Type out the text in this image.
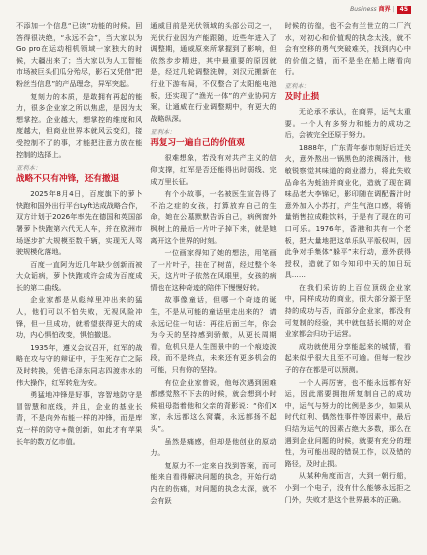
Business 商界 | 45

不添加一个信息“已读”功能的时候。回答得很决绝，“永远不会”，当大家以为Go pro在运动相机领域一家独大的时候，大疆出来了；当大家以为人工智能市场被巨头们瓜分殆尽，影石又凭借“把粉丝当信息”的产品理念，异军突起。

复刻力的本质，是敢拥有再起的能力，很多企业家之所以焦虑，是因为太想掌控。企业越大，想掌控的维度和风度越大，但商业世界本就风云变幻，接受控制不了的事，才能把注意力放在能控制的选择上。

亚利本：
战略不只有冲锋，还有撤退

2025年8月4日，百度旗下的萝卜快跑和国外出行平台Lyft达成战略合作，双方计划于2026年率先在德国和英国部署萝卜快跑第六代无人车，并在欧洲市场逐步扩大规模至数千辆，实现无人驾驶规模化落地。

百度一直阿为近几年缺少创新而被大众诟病，萝卜快跑或许会成为百度成长的第二曲线。

企业家都是从彪绰里冲出来的猛人，他们可以不怕失败，无视风险冲锋，但一旦成功，就希望获得更大的成功，内心惧怕改变，惧怕撤退。

1935年，遵义会议召开，红军的战略在攻与守的辩证中，于生死存亡之际及时转换，凭借毛泽东同志四渡赤水的伟大操作，红军转危为安。

勇猛地冲锋是好事，容智地防守是冒智慧和底线，并且，企业的基业长青，不是向外布能一样的冲锋，而是库克一样的防守+微创新，如此才有苹果长年的数万亿市值。

通威目前是光伏领域的头部公司之一，光伏行业因为产能跟随，近些年进入了调整期，通威原来所掌握到了影响，但依然步步精进，其中最重要的原因就是，经过几轮调整洗牌，刘汉元搬新在行业下游布局，不仅整合了太阳能电池板，还实现了“渔光一体”的产业协同方案，让通威在行业调整期中，有更大的战略纵深。

亚利本：
再复习一遍自己的价值观

很难想象，若没有对共产主义的信仰支撑，红军是否还能得出时弱线、完成万里长征。

有个小故事，一名被医生宣告得了不治之症的女孩，打算放弃自己的生命，她在公墓默默告诉自己，病例窗外枫树上的最后一片叶子掉下来，就是她离开这个世界的时刻。

一位画家得知了她的想法，用笔画了一片叶子，挂在了树苗，经过整个冬天，这片叶子依然在风眼里，女孩的病情也在这种奇迹的陪伴下慢慢好转。

故事像童话，但哪一个奇迹的诞生，不是从可能的童话里走出来的？ 请永远记住一句话：再往后面三年，你会为今天的坚持感到骄傲，从更长周期看，危机只是人生图景中的一个痕迹波段，而不是终点，未来还有更多机会的可能，只有你的坚持。

有位企业家曾说，他每次遇到困难都感觉熬不下去的时候，就会想到小时候祖母指着他和父亲的背影说：“你们X家，永远都这么窝囊，永远都扬不起头”。

虽然是痛感，但却是他创业的原动力。

复原力不一定来自找到答案，而可能来自看得解决问题的执念，开始行动内在的伤痛，对问题的执念太深，就不会有跃

时候的彷徨，也不会有兰世立的二厂汽水，对初心和价值观的执念太浅，就不会有空移的勇气突破难关，找到内心中的价值之锚，而不是坐在船上瞎看向行。

亚利本：
及时止损

无论承不承认，在商界，运气太重要。一个人有多努力和能力的成功之后，会被完全还原于努力。

1888年，广东青年泰市刻好后迁关火，意外熬出一锅黑色的浓稠汤汁，他敏锐察觉其味道的商业潜力，将此失败品命名为蚝油并商业化，造就了现在调味品老大李锦记，影印随在调配酱汁时意外加入小苏打，产生气泡口感，将销量销售拉成鞋饮料，于是有了现在的可口可乐。1976年，香港和共有一个老板，把大量地把这单乐队平版权叫，因此争对手集体“躲平”末行动，意外获得授权，造就了如今知印中天的加日玩具……

在我们采访的上百位顶级企业家中，同样成功的商业，很大部分源于坚持的成功与否，而部分企业家，都没有可复制的经验，其中就包括长期的对企业家都会归功于运营。

成功就使用分享能起来的城情，看起来似乎很大且至不可逾。但每一粒沙子的存在都是可以预测。

一个人再厉害，也不能永远都有好运，因此需要拥抱所复制自己的成功中，运气与努力的比例是多少，如果从时代红利、偶然性事件等因素中，最后归结为运气的因素占绝大多数，那么在遇到企业问题的时候，就要有充分的理性，为可能出现的错误工作，以及错的路径，及时止损。

从某种角度而言，大到一朝行船，小到一个电子，没有什么能够永远拒之门外，失败才是这个世界最本的正确。
